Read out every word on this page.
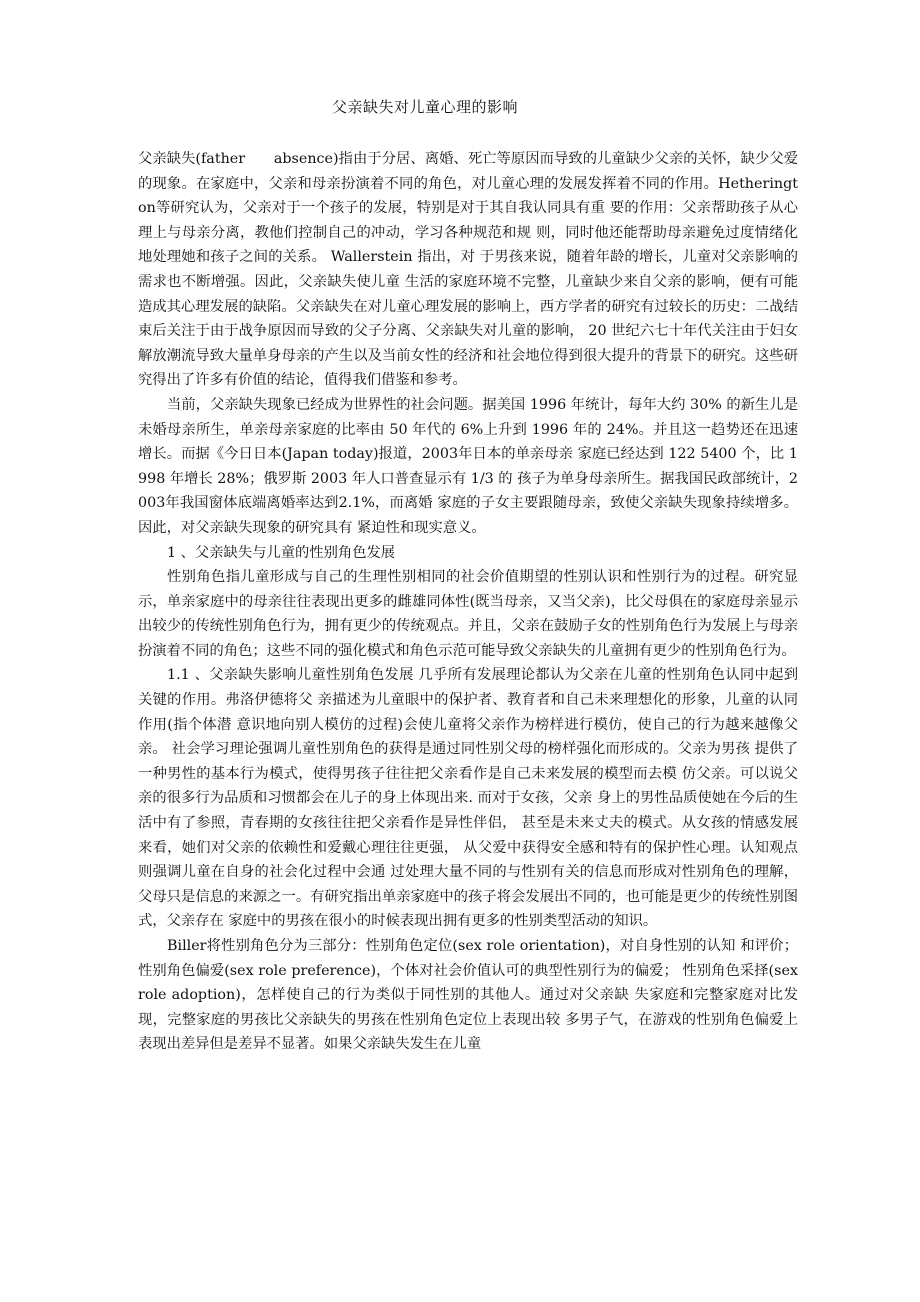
父亲缺失对儿童心理的影响

父亲缺失(father　　absence)指由于分居、离婚、死亡等原因而导致的儿童缺少父亲的关怀，缺少父爱的现象。在家庭中，父亲和母亲扮演着不同的角色，对儿童心理的发展发挥着不同的作用。Hetherington等研究认为，父亲对于一个孩子的发展，特别是对于其自我认同具有重 要的作用：父亲帮助孩子从心理上与母亲分离，教他们控制自己的冲动，学习各种规范和规 则，同时他还能帮助母亲避免过度情绪化地处理她和孩子之间的关系。 Wallerstein 指出，对 于男孩来说，随着年龄的增长，儿童对父亲影响的需求也不断增强。因此，父亲缺失使儿童 生活的家庭环境不完整，儿童缺少来自父亲的影响，便有可能造成其心理发展的缺陷。父亲缺失在对儿童心理发展的影响上，西方学者的研究有过较长的历史：二战结束后关注于由于战争原因而导致的父子分离、父亲缺失对儿童的影响， 20 世纪六七十年代关注由于妇女解放潮流导致大量单身母亲的产生以及当前女性的经济和社会地位得到很大提升的背景下的研究。这些研究得出了许多有价值的结论，值得我们借鉴和参考。

当前，父亲缺失现象已经成为世界性的社会问题。据美国 1996 年统计，每年大约 30% 的新生儿是未婚母亲所生，单亲母亲家庭的比率由 50 年代的 6%上升到 1996 年的 24%。并且这一趋势还在迅速增长。而据《今日日本(Japan today)报道，2003年日本的单亲母亲 家庭已经达到 122 5400 个，比 1998 年增长 28%；俄罗斯 2003 年人口普查显示有 1/3 的 孩子为单身母亲所生。据我国民政部统计，2003年我国窗体底端离婚率达到2.1%，而离婚 家庭的子女主要跟随母亲，致使父亲缺失现象持续增多。因此，对父亲缺失现象的研究具有 紧迫性和现实意义。

1 、父亲缺失与儿童的性别角色发展

性别角色指儿童形成与自己的生理性别相同的社会价值期望的性别认识和性别行为的过程。研究显示，单亲家庭中的母亲往往表现出更多的雌雄同体性(既当母亲，又当父亲)，比父母俱在的家庭母亲显示出较少的传统性别角色行为，拥有更少的传统观点。并且，父亲在鼓励子女的性别角色行为发展上与母亲扮演着不同的角色；这些不同的强化模式和角色示范可能导致父亲缺失的儿童拥有更少的性别角色行为。

1.1 、父亲缺失影响儿童性别角色发展 几乎所有发展理论都认为父亲在儿童的性别角色认同中起到关键的作用。弗洛伊德将父 亲描述为儿童眼中的保护者、教育者和自己未来理想化的形象，儿童的认同作用(指个体潜 意识地向别人模仿的过程)会使儿童将父亲作为榜样进行模仿，使自己的行为越来越像父亲。 社会学习理论强调儿童性别角色的获得是通过同性别父母的榜样强化而形成的。父亲为男孩 提供了一种男性的基本行为模式，使得男孩子往往把父亲看作是自己未来发展的模型而去模 仿父亲。可以说父亲的很多行为品质和习惯都会在儿子的身上体现出来. 而对于女孩，父亲 身上的男性品质使她在今后的生活中有了参照，青春期的女孩往往把父亲看作是异性伴侣， 甚至是未来丈夫的模式。从女孩的情感发展来看，她们对父亲的依赖性和爱戴心理往往更强， 从父爱中获得安全感和特有的保护性心理。认知观点则强调儿童在自身的社会化过程中会通 过处理大量不同的与性别有关的信息而形成对性别角色的理解，父母只是信息的来源之一。有研究指出单亲家庭中的孩子将会发展出不同的，也可能是更少的传统性别图式，父亲存在 家庭中的男孩在很小的时候表现出拥有更多的性别类型活动的知识。

Biller将性别角色分为三部分：性别角色定位(sex role orientation)，对自身性别的认知 和评价；性别角色偏爱(sex role preference)，个体对社会价值认可的典型性别行为的偏爱； 性别角色采择(sex role adoption)，怎样使自己的行为类似于同性别的其他人。通过对父亲缺 失家庭和完整家庭对比发现，完整家庭的男孩比父亲缺失的男孩在性别角色定位上表现出较 多男子气，在游戏的性别角色偏爱上表现出差异但是差异不显著。如果父亲缺失发生在儿童
